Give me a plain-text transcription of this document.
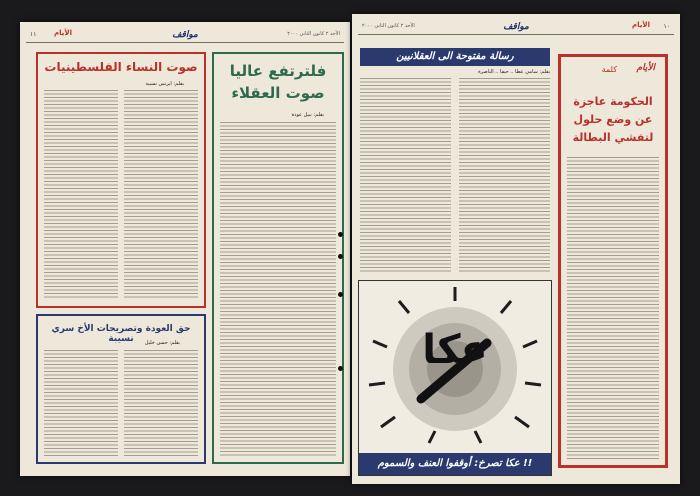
١١	الأيام	مواقف	الأحد ٢ كانون الثاني ٢٠٠٠
صوت النساء الفلسطينيات
بقلم: ايرنس نسيبة
حق العودة وتصريحات الأخ سري نسيبة	بقلم: حسن خليل
فلترتفع عاليا
صوت العقلاء
بقلم: نبيل عودة
الأحد ٢ كانون الثاني ٢٠٠٠	مواقف	الأيام ١٠
رسالة مفتوحة الى العقلانيين
بقلم: سامي عطا .. حيفا .. الناصرة
عكا
عكا تصرخ: أوقفوا العنف والسموم !!
الأيام
كلمة
الحكومة عاجزة
عن وضع حلول
لتفشي البطالة
